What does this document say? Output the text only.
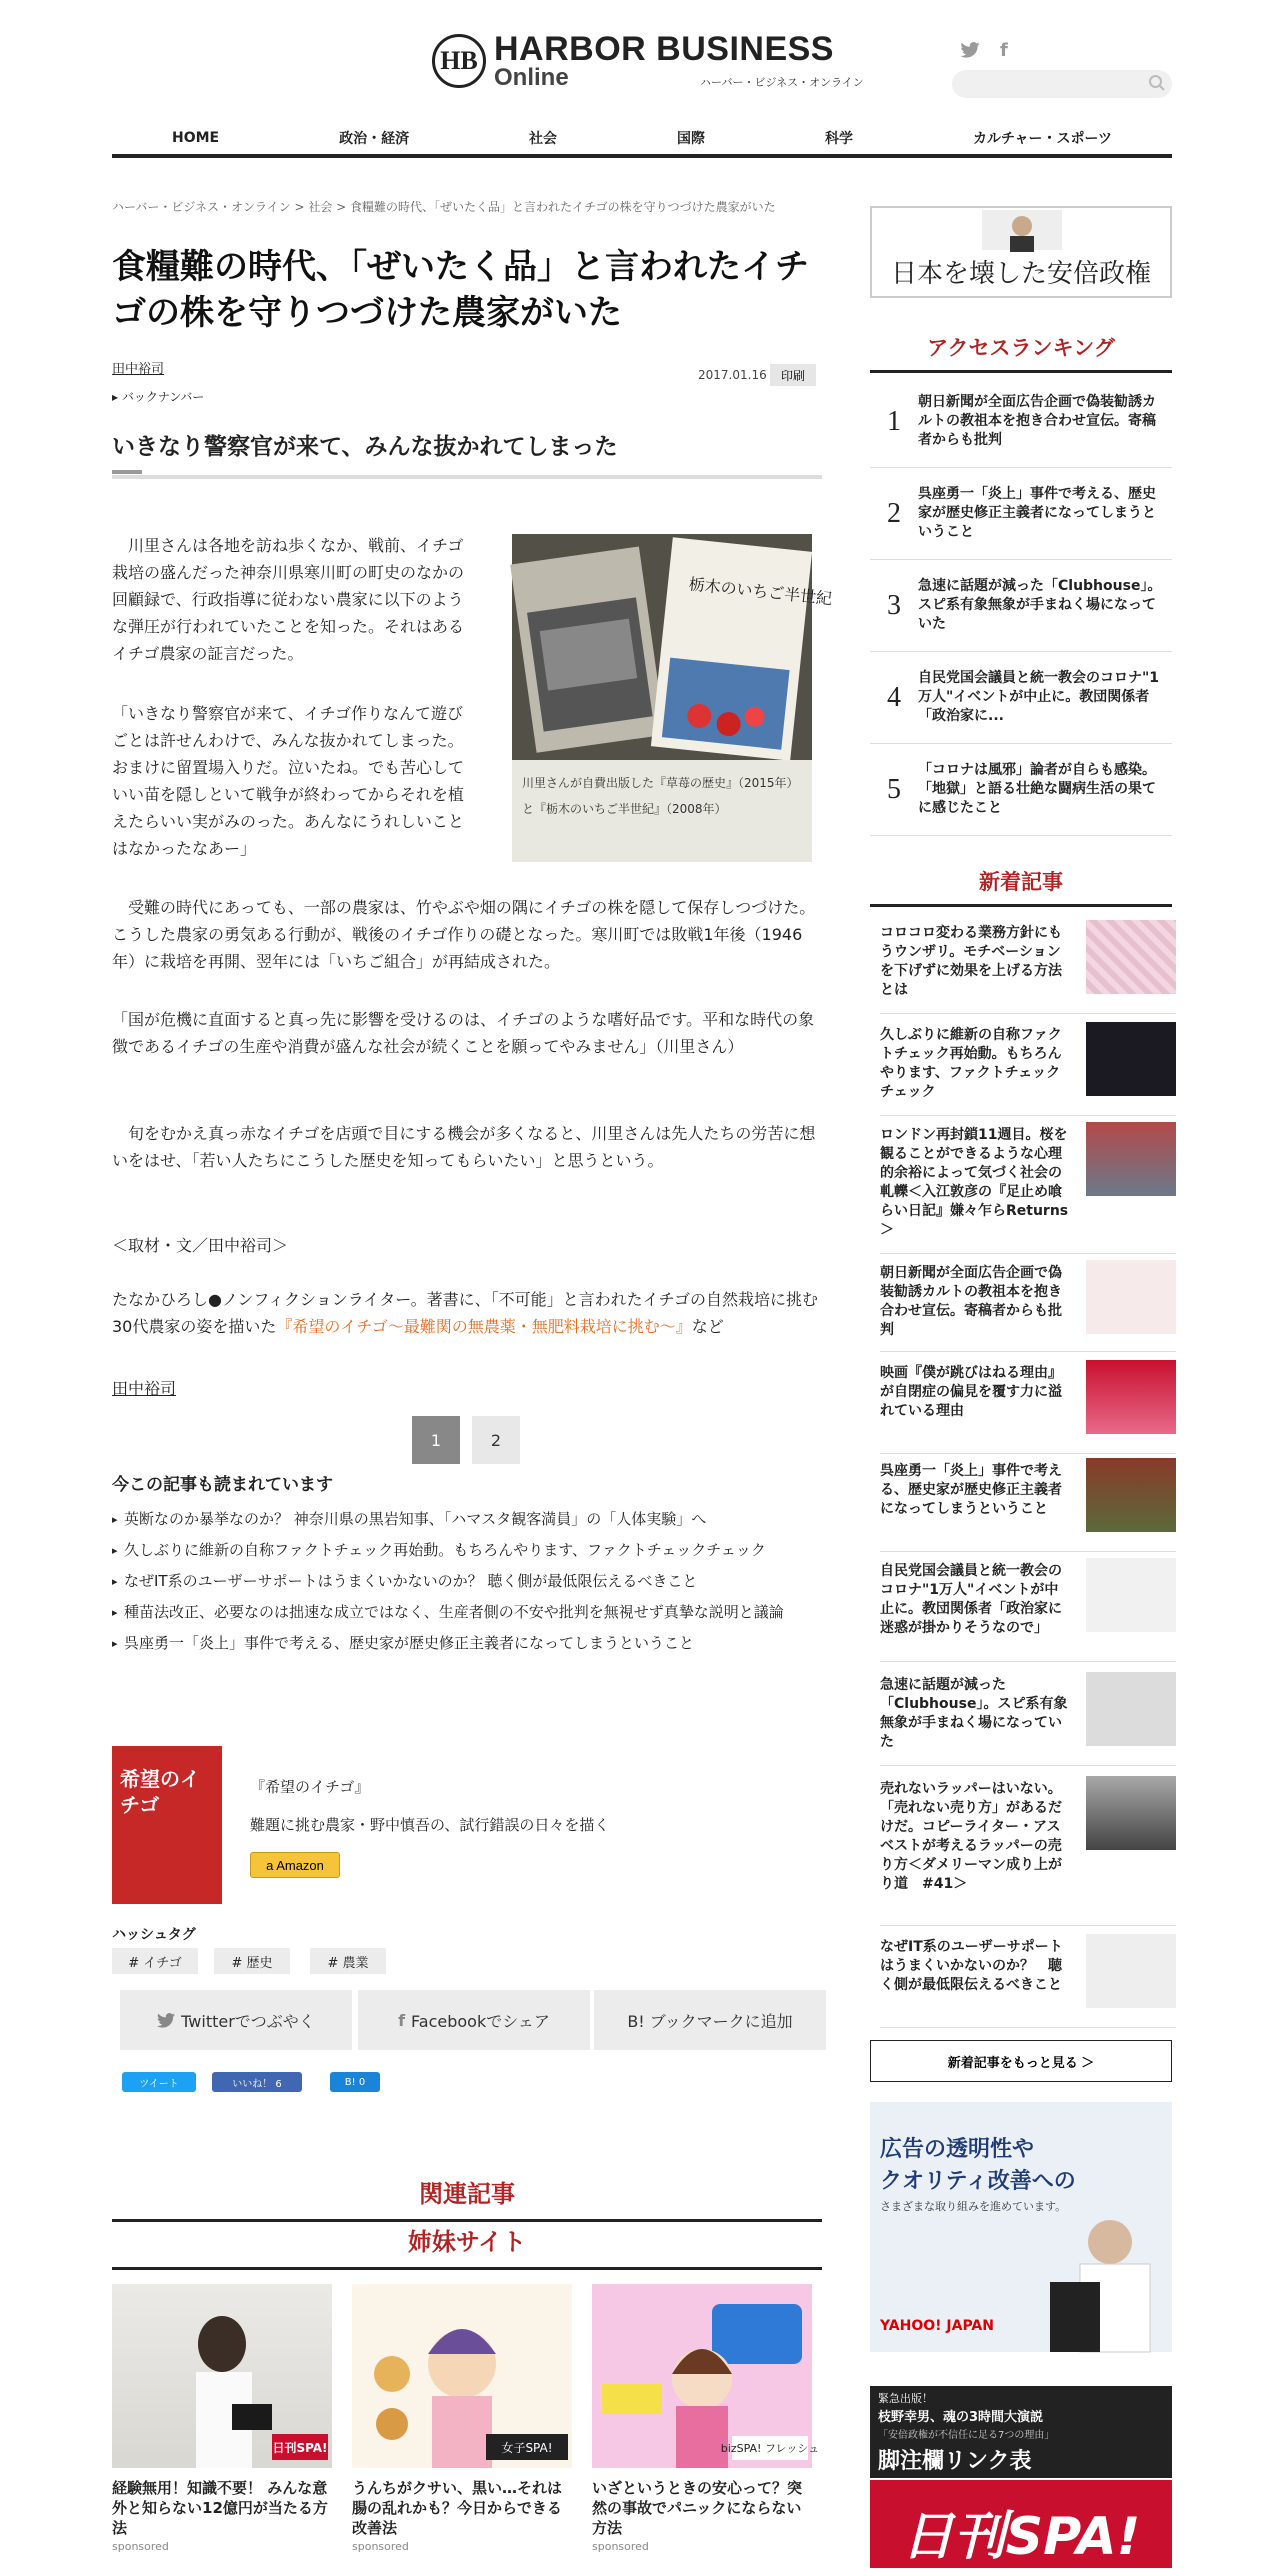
HB HARBOR BUSINESS
Online	ハーバー・ビジネス・オンライン
f
HOME	政治・経済	社会	国際	科学	カルチャー・スポーツ
ハーバー・ビジネス・オンライン > 社会 > 食糧難の時代、「ぜいたく品」と言われたイチゴの株を守りつづけた農家がいた
食糧難の時代、「ぜいたく品」と言われたイチゴの株を守りつづけた農家がいた
田中裕司
▸ バックナンバー
2017.01.16	印刷
いきなり警察官が来て、みんな抜かれてしまった

　川里さんは各地を訪ね歩くなか、戦前、イチゴ栽培の盛んだった神奈川県寒川町の町史のなかの回顧録で、行政指導に従わない農家に以下のような弾圧が行われていたことを知った。それはあるイチゴ農家の証言だった。

「いきなり警察官が来て、イチゴ作りなんて遊びごとは許せんわけで、みんな抜かれてしまった。おまけに留置場入りだ。泣いたね。でも苦心していい苗を隠しといて戦争が終わってからそれを植えたらいい実がみのった。あんなにうれしいことはなかったなあー」

栃木のいちご半世紀
川里さんが自費出版した『草苺の歴史』（2015年）と『栃木のいちご半世紀』（2008年）

　受難の時代にあっても、一部の農家は、竹やぶや畑の隅にイチゴの株を隠して保存しつづけた。こうした農家の勇気ある行動が、戦後のイチゴ作りの礎となった。寒川町では敗戦1年後（1946年）に栽培を再開、翌年には「いちご組合」が再結成された。

「国が危機に直面すると真っ先に影響を受けるのは、イチゴのような嗜好品です。平和な時代の象徴であるイチゴの生産や消費が盛んな社会が続くことを願ってやみません」（川里さん）

　旬をむかえ真っ赤なイチゴを店頭で目にする機会が多くなると、川里さんは先人たちの労苦に想いをはせ、「若い人たちにこうした歴史を知ってもらいたい」と思うという。

＜取材・文／田中裕司＞

たなかひろし●ノンフィクションライター。著書に、「不可能」と言われたイチゴの自然栽培に挑む30代農家の姿を描いた『希望のイチゴ～最難関の無農薬・無肥料栽培に挑む～』など

田中裕司
1	2
今この記事も読まれています
▸ 英断なのか暴挙なのか？ 神奈川県の黒岩知事、「ハマスタ観客満員」の「人体実験」へ
▸ 久しぶりに維新の自称ファクトチェック再始動。もちろんやります、ファクトチェックチェック
▸ なぜIT系のユーザーサポートはうまくいかないのか？ 聴く側が最低限伝えるべきこと
▸ 種苗法改正、必要なのは拙速な成立ではなく、生産者側の不安や批判を無視せず真摯な説明と議論
▸ 呉座勇一「炎上」事件で考える、歴史家が歴史修正主義者になってしまうということ
希望のイチゴ
『希望のイチゴ』
難題に挑む農家・野中慎吾の、試行錯誤の日々を描く
a Amazon
ハッシュタグ
# イチゴ	# 歴史	# 農業
Twitterでつぶやく	f Facebookでシェア	B! ブックマークに追加
ツイート	いいね！ 6	B! 0
関連記事
姉妹サイト
日刊SPA!	女子SPA!	bizSPA! フレッシュ
経験無用！知識不要！ みんな意外と知らない12億円が当たる方法
うんちがクサい、黒い…それは腸の乱れかも？今日からできる改善法
いざというときの安心って？突然の事故でパニックにならない方法
sponsored	sponsored	sponsored
日本を壊した安倍政権
アクセスランキング
1
朝日新聞が全面広告企画で偽装勧誘カルトの教祖本を抱き合わせ宣伝。寄稿者からも批判
2
呉座勇一「炎上」事件で考える、歴史家が歴史修正主義者になってしまうということ
3
急速に話題が減った「Clubhouse」。スピ系有象無象が手まねく場になっていた
4
自民党国会議員と統一教会のコロナ"1万人"イベントが中止に。教団関係者「政治家に...
5
「コロナは風邪」論者が自らも感染。「地獄」と語る壮絶な闘病生活の果てに感じたこと
新着記事
コロコロ変わる業務方針にもうウンザリ。モチベーションを下げずに効果を上げる方法とは
久しぶりに維新の自称ファクトチェック再始動。もちろんやります、ファクトチェックチェック
ロンドン再封鎖11週目。桜を観ることができるような心理的余裕によって気づく社会の軋轢＜入江敦彦の『足止め喰らい日記』嫌々乍らReturns＞
朝日新聞が全面広告企画で偽装勧誘カルトの教祖本を抱き合わせ宣伝。寄稿者からも批判
映画『僕が跳びはねる理由』が自閉症の偏見を覆す力に溢れている理由
呉座勇一「炎上」事件で考える、歴史家が歴史修正主義者になってしまうということ
自民党国会議員と統一教会のコロナ"1万人"イベントが中止に。教団関係者「政治家に迷惑が掛かりそうなので」
急速に話題が減った「Clubhouse」。スピ系有象無象が手まねく場になっていた
売れないラッパーはいない。「売れない売り方」があるだけだ。コピーライター・アスベストが考えるラッパーの売り方＜ダメリーマン成り上がり道　#41＞
なぜIT系のユーザーサポートはうまくいかないのか？　聴く側が最低限伝えるべきこと
新着記事をもっと見る ＞
広告の透明性や
クオリティ改善への
さまざまな取り組みを進めています。
YAHOO! JAPAN
緊急出版！
枝野幸男、魂の3時間大演説
「安倍政権が不信任に足る7つの理由」
脚注欄リンク表
日刊SPA!
